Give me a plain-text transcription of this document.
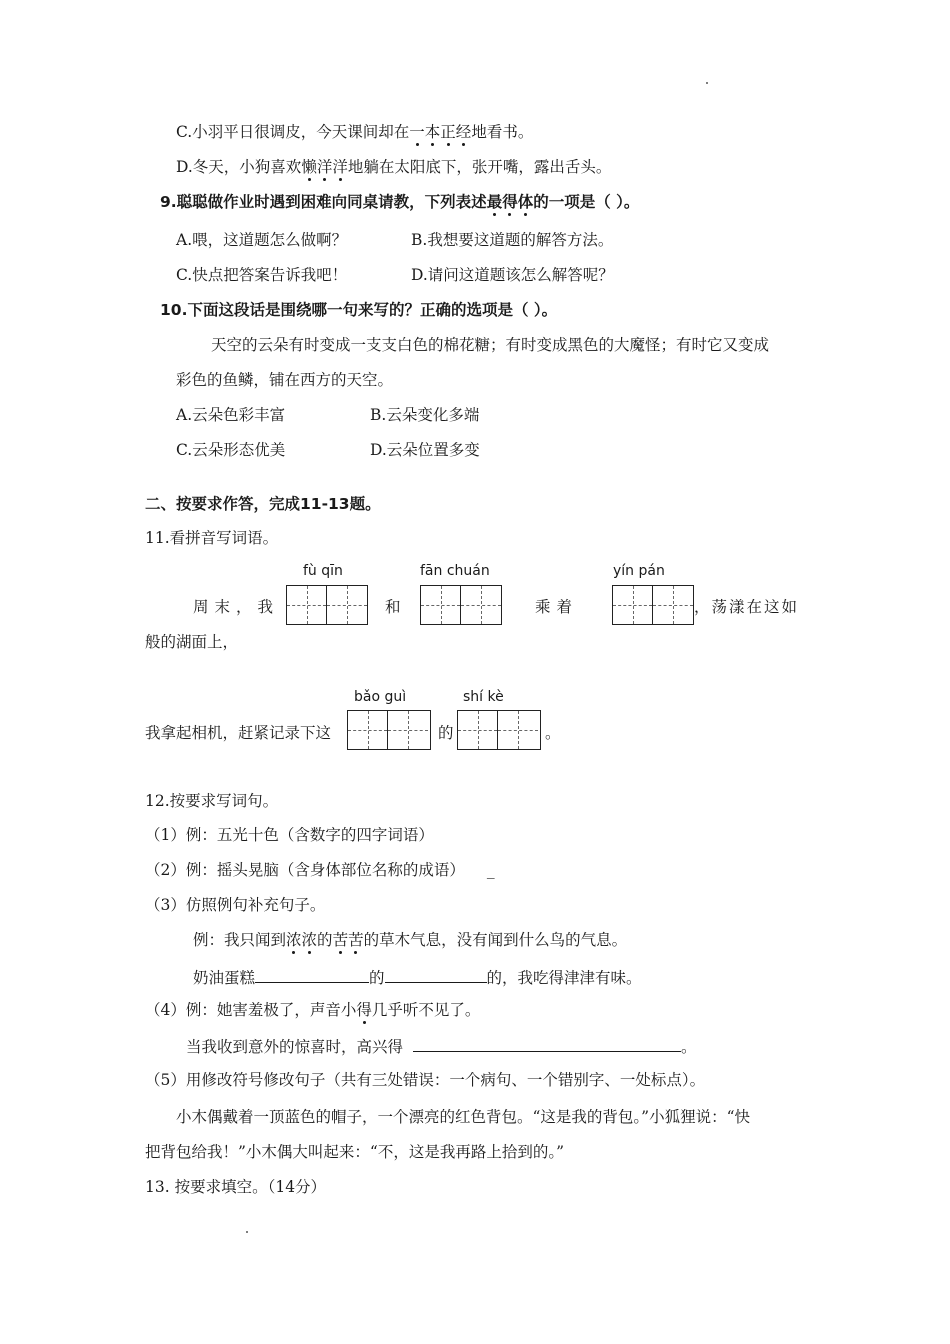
C.小羽平日很调皮，今天课间却在一本正经地看书。
D.冬天，小狗喜欢懒洋洋地躺在太阳底下，张开嘴，露出舌头。
9.聪聪做作业时遇到困难向同桌请教，下列表述最得体的一项是（ ）。
A.喂，这道题怎么做啊？	B.我想要这道题的解答方法。
C.快点把答案告诉我吧！	D.请问这道题该怎么解答呢？
10.下面这段话是围绕哪一句来写的？正确的选项是（ ）。
天空的云朵有时变成一支支白色的棉花糖；有时变成黑色的大魔怪；有时它又变成
彩色的鱼鳞，铺在西方的天空。
A.云朵色彩丰富	B.云朵变化多端
C.云朵形态优美	D.云朵位置多变
二、按要求作答，完成11-13题。
11.看拼音写词语。
fù qīn	fān chuán	yín pán
周末，我	和	乘着	，荡漾在这如
般的湖面上，
bǎo guì	shí kè
我拿起相机，赶紧记录下这	的	。
12.按要求写词句。
（1）例：五光十色（含数字的四字词语）
（2）例：摇头晃脑（含身体部位名称的成语） _
（3）仿照例句补充句子。
例：我只闻到浓浓的苦苦的草木气息，没有闻到什么鸟的气息。
奶油蛋糕	的	的，我吃得津津有味。
（4）例：她害羞极了，声音小得几乎听不见了。
当我收到意外的惊喜时，高兴得	。
（5）用修改符号修改句子（共有三处错误：一个病句、一个错别字、一处标点）。
小木偶戴着一顶蓝色的帽子，一个漂亮的红色背包。“这是我的背包。”小狐狸说：“快
把背包给我！”小木偶大叫起来：“不，这是我再路上拾到的。”
13. 按要求填空。（14分）
